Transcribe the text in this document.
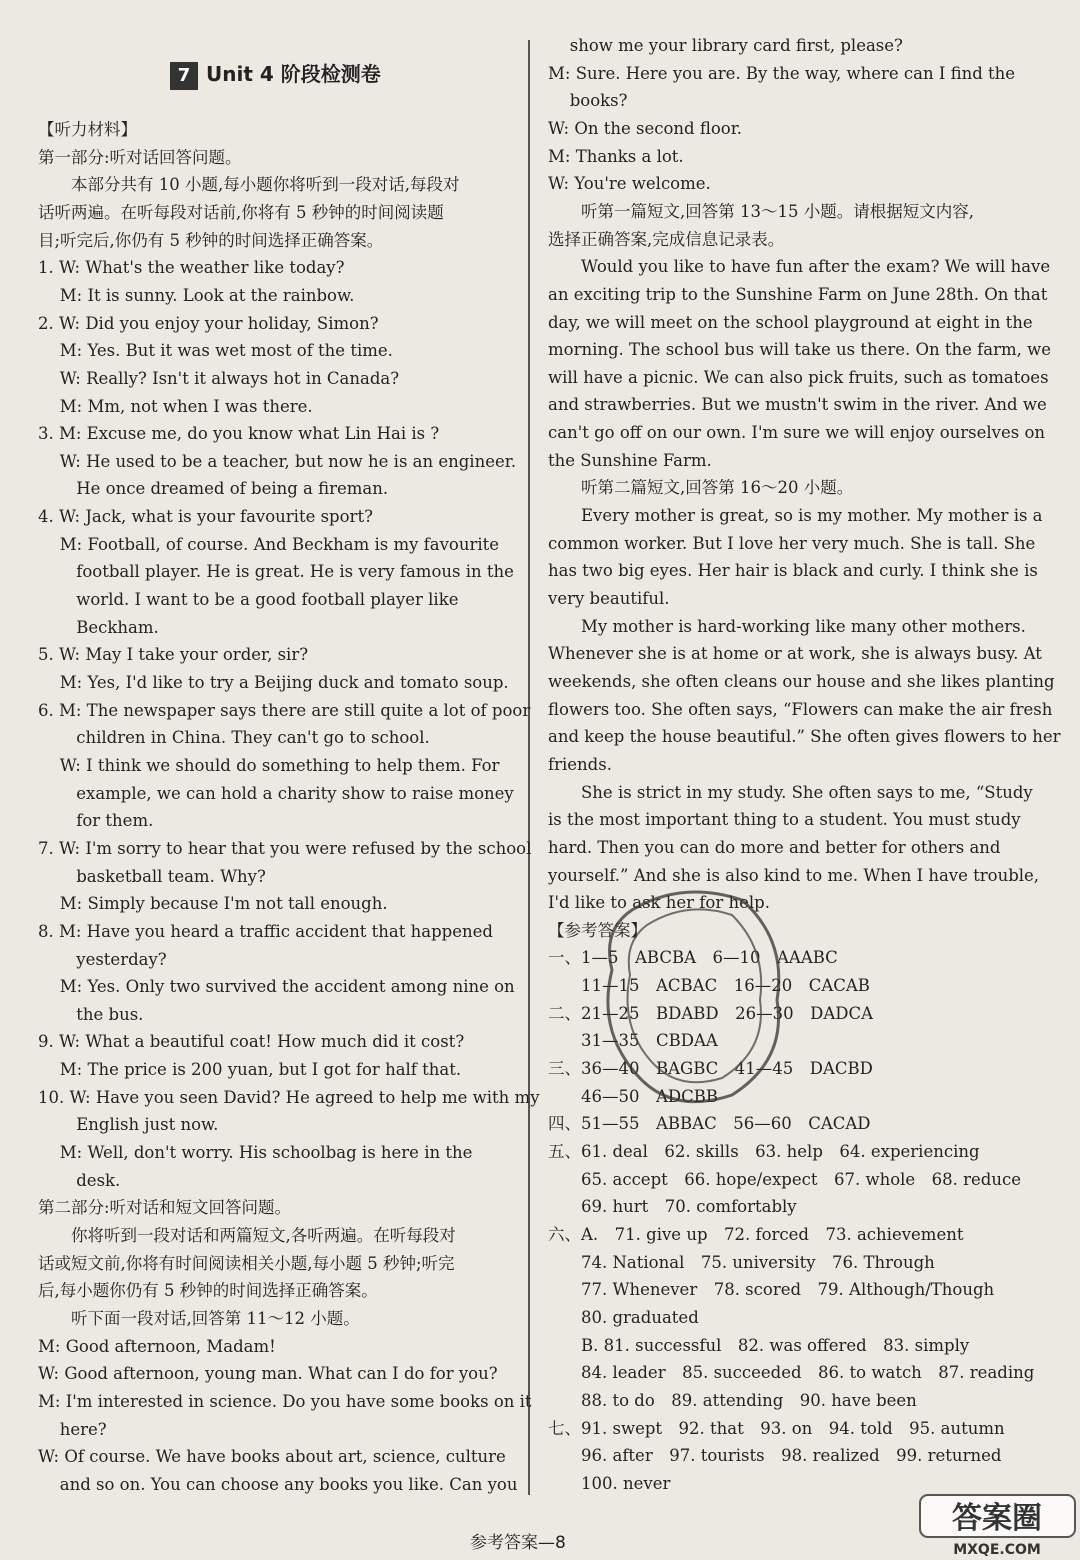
7 Unit 4 阶段检测卷
【听力材料】
第一部分:听对话回答问题。
　　本部分共有 10 小题,每小题你将听到一段对话,每段对
话听两遍。在听每段对话前,你将有 5 秒钟的时间阅读题
目;听完后,你仍有 5 秒钟的时间选择正确答案。
1. W: What's the weather like today?
　 M: It is sunny. Look at the rainbow.
2. W: Did you enjoy your holiday, Simon?
　 M: Yes. But it was wet most of the time.
　 W: Really? Isn't it always hot in Canada?
　 M: Mm, not when I was there.
3. M: Excuse me, do you know what Lin Hai is ?
　 W: He used to be a teacher, but now he is an engineer.
　　 He once dreamed of being a fireman.
4. W: Jack, what is your favourite sport?
　 M: Football, of course. And Beckham is my favourite
　　 football player. He is great. He is very famous in the
　　 world. I want to be a good football player like
　　 Beckham.
5. W: May I take your order, sir?
　 M: Yes, I'd like to try a Beijing duck and tomato soup.
6. M: The newspaper says there are still quite a lot of poor
　　 children in China. They can't go to school.
　 W: I think we should do something to help them. For
　　 example, we can hold a charity show to raise money
　　 for them.
7. W: I'm sorry to hear that you were refused by the school
　　 basketball team. Why?
　 M: Simply because I'm not tall enough.
8. M: Have you heard a traffic accident that happened
　　 yesterday?
　 M: Yes. Only two survived the accident among nine on
　　 the bus.
9. W: What a beautiful coat! How much did it cost?
　 M: The price is 200 yuan, but I got for half that.
10. W: Have you seen David? He agreed to help me with my
　　 English just now.
　 M: Well, don't worry. His schoolbag is here in the
　　 desk.
第二部分:听对话和短文回答问题。
　　你将听到一段对话和两篇短文,各听两遍。在听每段对
话或短文前,你将有时间阅读相关小题,每小题 5 秒钟;听完
后,每小题你仍有 5 秒钟的时间选择正确答案。
　　听下面一段对话,回答第 11～12 小题。
M: Good afternoon, Madam!
W: Good afternoon, young man. What can I do for you?
M: I'm interested in science. Do you have some books on it
　 here?
W: Of course. We have books about art, science, culture
　 and so on. You can choose any books you like. Can you
　 show me your library card first, please?
M: Sure. Here you are. By the way, where can I find the
　 books?
W: On the second floor.
M: Thanks a lot.
W: You're welcome.
　　听第一篇短文,回答第 13～15 小题。请根据短文内容,
选择正确答案,完成信息记录表。
　　Would you like to have fun after the exam? We will have
an exciting trip to the Sunshine Farm on June 28th. On that
day, we will meet on the school playground at eight in the
morning. The school bus will take us there. On the farm, we
will have a picnic. We can also pick fruits, such as tomatoes
and strawberries. But we mustn't swim in the river. And we
can't go off on our own. I'm sure we will enjoy ourselves on
the Sunshine Farm.
　　听第二篇短文,回答第 16～20 小题。
　　Every mother is great, so is my mother. My mother is a
common worker. But I love her very much. She is tall. She
has two big eyes. Her hair is black and curly. I think she is
very beautiful.
　　My mother is hard-working like many other mothers.
Whenever she is at home or at work, she is always busy. At
weekends, she often cleans our house and she likes planting
flowers too. She often says, “Flowers can make the air fresh
and keep the house beautiful.” She often gives flowers to her
friends.
　　She is strict in my study. She often says to me, “Study
is the most important thing to a student. You must study
hard. Then you can do more and better for others and
yourself.” And she is also kind to me. When I have trouble,
I'd like to ask her for help.
【参考答案】
一、1—5　ABCBA　6—10　AAABC
　　11—15　ACBAC　16—20　CACAB
二、21—25　BDABD　26—30　DADCA
　　31—35　CBDAA
三、36—40　BAGBC　41—45　DACBD
　　46—50　ADCBB
四、51—55　ABBAC　56—60　CACAD
五、61. deal　62. skills　63. help　64. experiencing
　　65. accept　66. hope/expect　67. whole　68. reduce
　　69. hurt　70. comfortably
六、A.　71. give up　72. forced　73. achievement
　　74. National　75. university　76. Through
　　77. Whenever　78. scored　79. Although/Though
　　80. graduated
　　B. 81. successful　82. was offered　83. simply
　　84. leader　85. succeeded　86. to watch　87. reading
　　88. to do　89. attending　90. have been
七、91. swept　92. that　93. on　94. told　95. autumn
　　96. after　97. tourists　98. realized　99. returned
　　100. never
参考答案—8
答案圈
MXQE.COM
